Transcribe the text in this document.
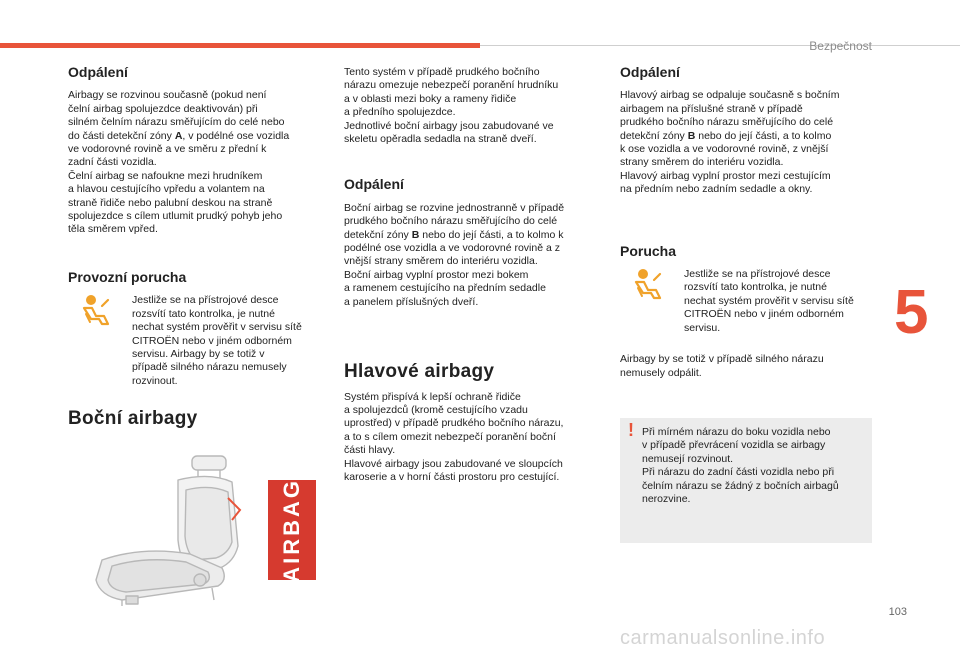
Bezpečnost
5
Odpálení

Airbagy se rozvinou současně (pokud není
čelní airbag spolujezdce deaktivován) při
silném čelním nárazu směřujícím do celé nebo
do části detekční zóny A, v podélné ose vozidla
ve vodorovné rovině a ve směru z přední k
zadní části vozidla.
Čelní airbag se nafoukne mezi hrudníkem
a hlavou cestujícího vpředu a volantem na
straně řidiče nebo palubní deskou na straně
spolujezdce s cílem utlumit prudký pohyb jeho
těla směrem vpřed.

Provozní porucha
Jestliže se na přístrojové desce
rozsvítí tato kontrolka, je nutné
nechat systém prověřit v servisu sítě
CITROËN nebo v jiném odborném
servisu. Airbagy by se totiž v
případě silného nárazu nemusely
rozvinout.
Boční airbagy
AIRBAG

Tento systém v případě prudkého bočního
nárazu omezuje nebezpečí poranění hrudníku
a v oblasti mezi boky a rameny řidiče
a předního spolujezdce.
Jednotlivé boční airbagy jsou zabudované ve
skeletu opěradla sedadla na straně dveří.

Odpálení

Boční airbag se rozvine jednostranně v případě
prudkého bočního nárazu směřujícího do celé
detekční zóny B nebo do její části, a to kolmo k
podélné ose vozidla a ve vodorovné rovině a z
vnější strany směrem do interiéru vozidla.
Boční airbag vyplní prostor mezi bokem
a ramenem cestujícího na předním sedadle
a panelem příslušných dveří.

Hlavové airbagy

Systém přispívá k lepší ochraně řidiče
a spolujezdců (kromě cestujícího vzadu
uprostřed) v případě prudkého bočního nárazu,
a to s cílem omezit nebezpečí poranění boční
části hlavy.
Hlavové airbagy jsou zabudované ve sloupcích
karoserie a v horní části prostoru pro cestující.

Odpálení

Hlavový airbag se odpaluje současně s bočním
airbagem na příslušné straně v případě
prudkého bočního nárazu směřujícího do celé
detekční zóny B nebo do její části, a to kolmo
k ose vozidla a ve vodorovné rovině, z vnější
strany směrem do interiéru vozidla.
Hlavový airbag vyplní prostor mezi cestujícím
na předním nebo zadním sedadle a okny.

Porucha
Jestliže se na přístrojové desce
rozsvítí tato kontrolka, je nutné
nechat systém prověřit v servisu sítě
CITROËN nebo v jiném odborném
servisu.

Airbagy by se totiž v případě silného nárazu
nemusely odpálit.

! Při mírném nárazu do boku vozidla nebo
v případě převrácení vozidla se airbagy
nemusejí rozvinout.
Při nárazu do zadní části vozidla nebo při
čelním nárazu se žádný z bočních airbagů
nerozvine.
103
carmanualsonline.info
